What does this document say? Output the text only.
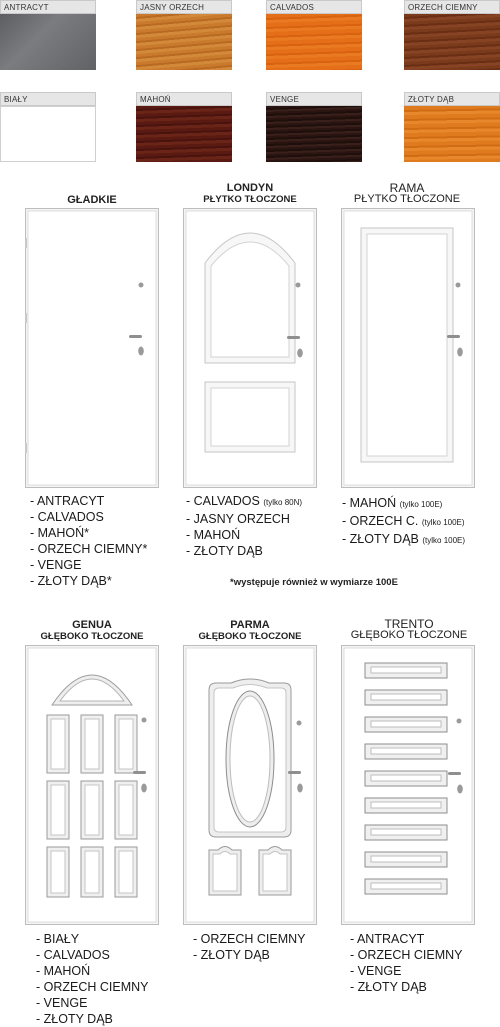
ANTRACYT	JASNY ORZECH	CALVADOS	ORZECH CIEMNY
BIAŁY	MAHOŃ	VENGE	ZŁOTY DĄB
GŁADKIE
LONDYN
PŁYTKO TŁOCZONE
RAMA
PŁYTKO TŁOCZONE
- ANTRACYT
- CALVADOS
- MAHOŃ*
- ORZECH CIEMNY*
- VENGE
- ZŁOTY DĄB*
- CALVADOS (tylko 80N)
- JASNY ORZECH
- MAHOŃ
- ZŁOTY DĄB
- MAHOŃ (tylko 100E)
- ORZECH C. (tylko 100E)
- ZŁOTY DĄB (tylko 100E)
*występuje również w wymiarze 100E
GENUA
GŁĘBOKO TŁOCZONE
PARMA
GŁĘBOKO TŁOCZONE
TRENTO
GŁĘBOKO TŁOCZONE
- BIAŁY
- CALVADOS
- MAHOŃ
- ORZECH CIEMNY
- VENGE
- ZŁOTY DĄB
- ORZECH CIEMNY
- ZŁOTY DĄB
- ANTRACYT
- ORZECH CIEMNY
- VENGE
- ZŁOTY DĄB
